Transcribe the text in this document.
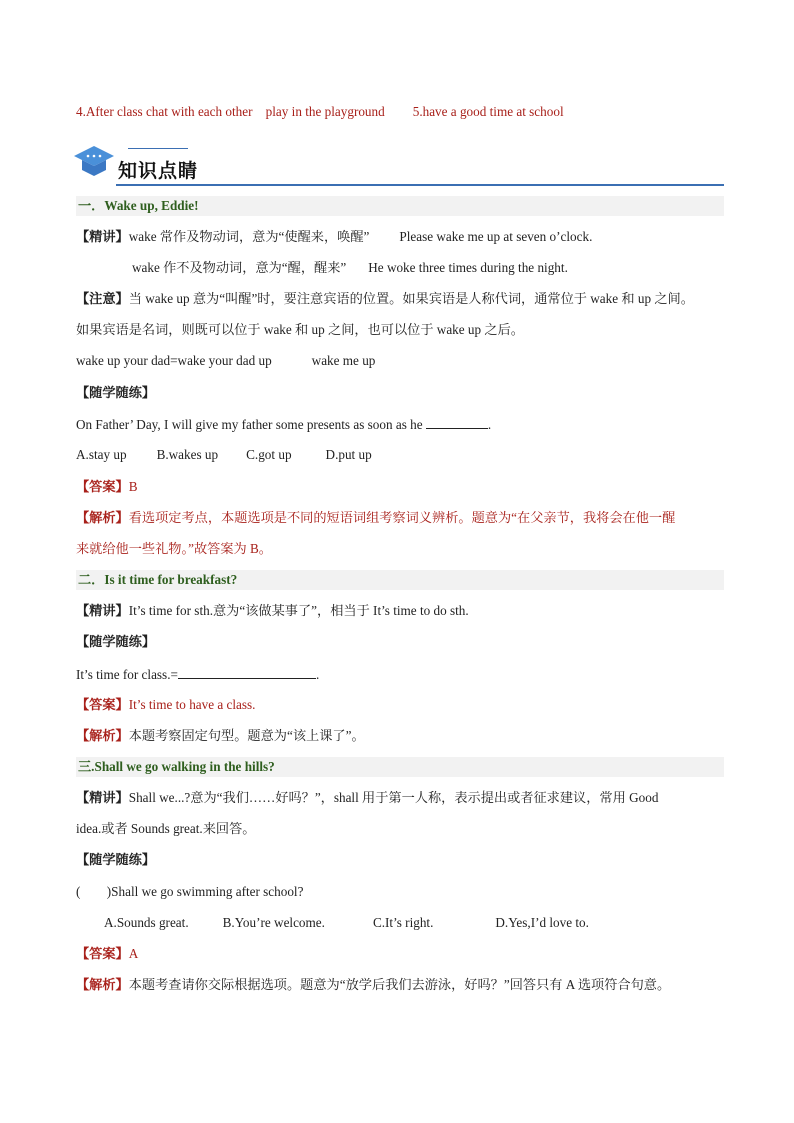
4.After class chat with each other　play in the playground 5.have a good time at school
知识点睛
一．Wake up, Eddie!
【精讲】wake 常作及物动词，意为“使醒来，唤醒” Please wake me up at seven o’clock.
wake 作不及物动词，意为“醒，醒来” He woke three times during the night.
【注意】当 wake up 意为“叫醒”时，要注意宾语的位置。如果宾语是人称代词，通常位于 wake 和 up 之间。
如果宾语是名词，则既可以位于 wake 和 up 之间，也可以位于 wake up 之后。
wake up your dad=wake your dad up	wake me up
【随学随练】
On Father’ Day, I will give my father some presents as soon as he	.
A.stay up B.wakes up C.got up	D.put up
【答案】B
【解析】看选项定考点，本题选项是不同的短语词组考察词义辨析。题意为“在父亲节，我将会在他一醒
来就给他一些礼物。”故答案为 B。
二．Is it time for breakfast?
【精讲】It’s time for sth.意为“该做某事了”，相当于 It’s time to do sth.
【随学随练】
It’s time for class.=	.
【答案】It’s time to have a class.
【解析】本题考察固定句型。题意为“该上课了”。
三.Shall we go walking in the hills?
【精讲】Shall we...?意为“我们……好吗？”，shall 用于第一人称，表示提出或者征求建议，常用 Good
idea.或者 Sounds great.来回答。
【随学随练】
(　　)Shall we go swimming after school?
A.Sounds great.	B.You’re welcome.	C.It’s right.	D.Yes,I’d love to.
【答案】A
【解析】本题考查请你交际根据选项。题意为“放学后我们去游泳，好吗？”回答只有 A 选项符合句意。
